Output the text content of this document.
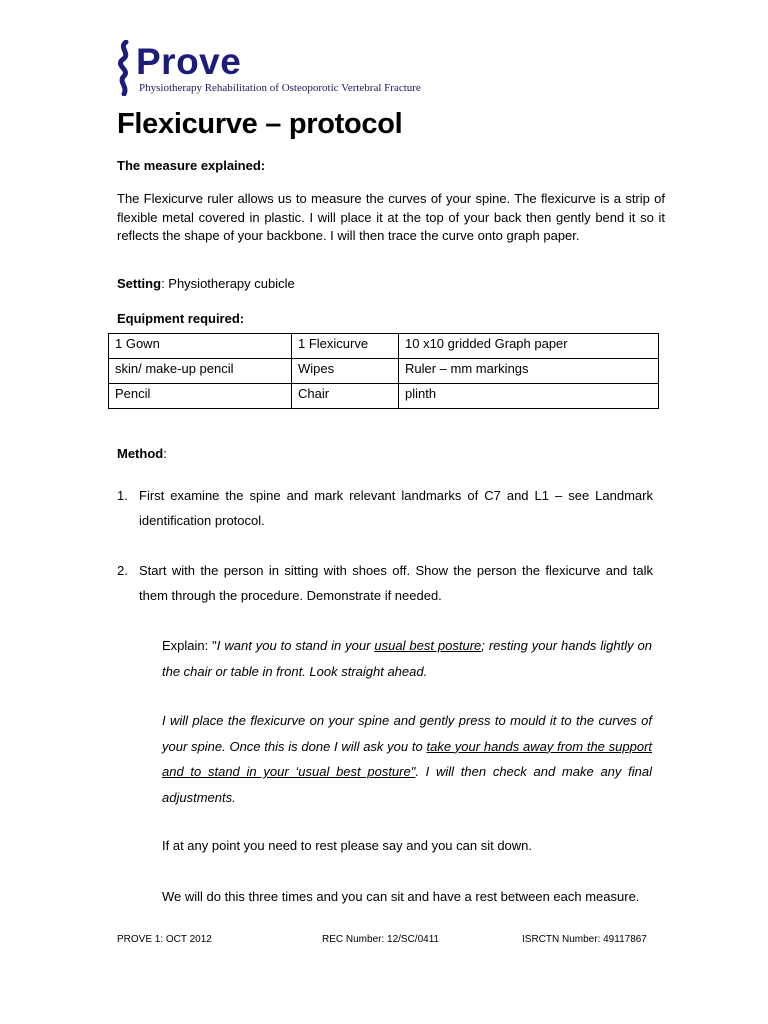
Prove
Physiotherapy Rehabilitation of Osteoporotic Vertebral Fracture
Flexicurve – protocol
The measure explained:
The Flexicurve ruler allows us to measure the curves of your spine. The flexicurve is a strip of flexible metal covered in plastic. I will place it at the top of your back then gently bend it so it reflects the shape of your backbone. I will then trace the curve onto graph paper.
Setting: Physiotherapy cubicle
Equipment required:
1 Gown	1 Flexicurve	10 x10 gridded Graph paper
skin/ make-up pencil	Wipes	Ruler – mm markings
Pencil	Chair	plinth
Method:
1. First examine the spine and mark relevant landmarks of C7 and L1 – see Landmark identification protocol.
2. Start with the person in sitting with shoes off. Show the person the flexicurve and talk them through the procedure. Demonstrate if needed.
Explain: "I want you to stand in your usual best posture; resting your hands lightly on the chair or table in front. Look straight ahead.
I will place the flexicurve on your spine and gently press to mould it to the curves of your spine. Once this is done I will ask you to take your hands away from the support and to stand in your ‘usual best posture". I will then check and make any final adjustments.
If at any point you need to rest please say and you can sit down.
We will do this three times and you can sit and have a rest between each measure.
PROVE 1: OCT 2012	REC Number: 12/SC/0411	ISRCTN Number: 49117867
